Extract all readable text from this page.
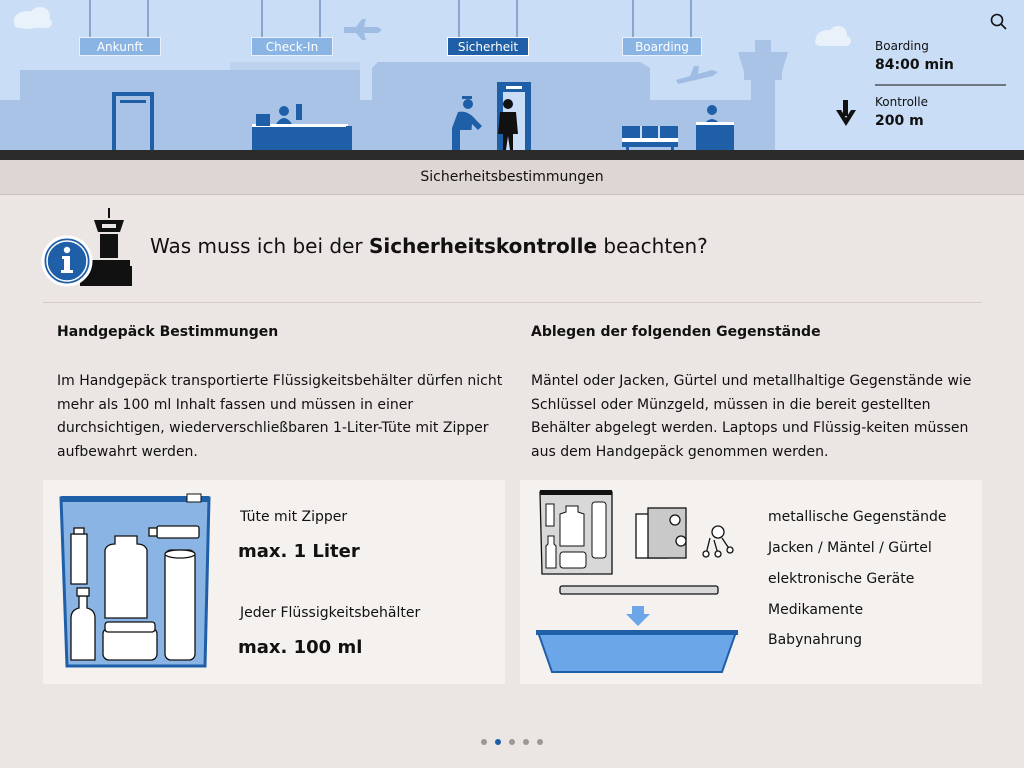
Ankunft	Check-In	Sicherheit	Boarding	Boarding
84:00 min
Kontrolle
200 m
Sicherheitsbestimmungen
Was muss ich bei der Sicherheitskontrolle beachten?
Handgepäck Bestimmungen
Im Handgepäck transportierte Flüssigkeitsbehälter dürfen nicht mehr als 100 ml Inhalt fassen und müssen in einer durchsichtigen, wiederverschließbaren 1-Liter-Tüte mit Zipper aufbewahrt werden.
Tüte mit Zipper
max. 1 Liter
Jeder Flüssigkeitsbehälter
max. 100 ml
Ablegen der folgenden Gegenstände
Mäntel oder Jacken, Gürtel und metallhaltige Gegenstände wie Schlüssel oder Münzgeld, müssen in die bereit gestellten Behälter abgelegt werden. Laptops und Flüssig-keiten müssen aus dem Handgepäck genommen werden.
metallische Gegenstände
Jacken / Mäntel / Gürtel
elektronische Geräte
Medikamente
Babynahrung
